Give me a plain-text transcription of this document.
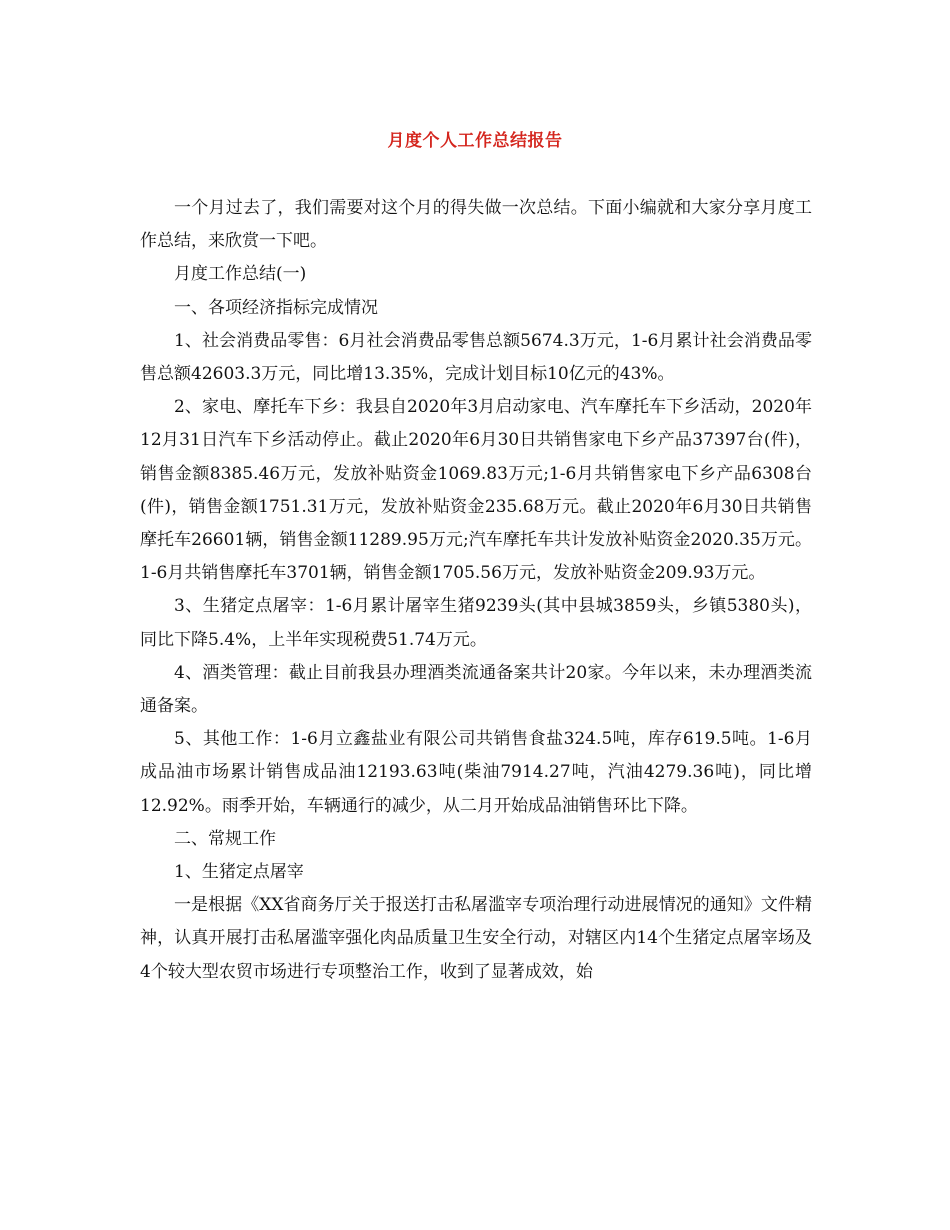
月度个人工作总结报告

一个月过去了，我们需要对这个月的得失做一次总结。下面小编就和大家分享月度工作总结，来欣赏一下吧。

月度工作总结(一)

一、各项经济指标完成情况

1、社会消费品零售：6月社会消费品零售总额5674.3万元，1-6月累计社会消费品零售总额42603.3万元，同比增13.35%，完成计划目标10亿元的43%。

2、家电、摩托车下乡：我县自2020年3月启动家电、汽车摩托车下乡活动，2020年12月31日汽车下乡活动停止。截止2020年6月30日共销售家电下乡产品37397台(件)，销售金额8385.46万元，发放补贴资金1069.83万元;1-6月共销售家电下乡产品6308台(件)，销售金额1751.31万元，发放补贴资金235.68万元。截止2020年6月30日共销售摩托车26601辆，销售金额11289.95万元;汽车摩托车共计发放补贴资金2020.35万元。1-6月共销售摩托车3701辆，销售金额1705.56万元，发放补贴资金209.93万元。

3、生猪定点屠宰：1-6月累计屠宰生猪9239头(其中县城3859头，乡镇5380头)，同比下降5.4%，上半年实现税费51.74万元。

4、酒类管理：截止目前我县办理酒类流通备案共计20家。今年以来，未办理酒类流通备案。

5、其他工作：1-6月立鑫盐业有限公司共销售食盐324.5吨，库存619.5吨。1-6月成品油市场累计销售成品油12193.63吨(柴油7914.27吨，汽油4279.36吨)，同比增12.92%。雨季开始，车辆通行的减少，从二月开始成品油销售环比下降。

二、常规工作

1、生猪定点屠宰

一是根据《XX省商务厅关于报送打击私屠滥宰专项治理行动进展情况的通知》文件精神，认真开展打击私屠滥宰强化肉品质量卫生安全行动，对辖区内14个生猪定点屠宰场及4个较大型农贸市场进行专项整治工作，收到了显著成效，始
